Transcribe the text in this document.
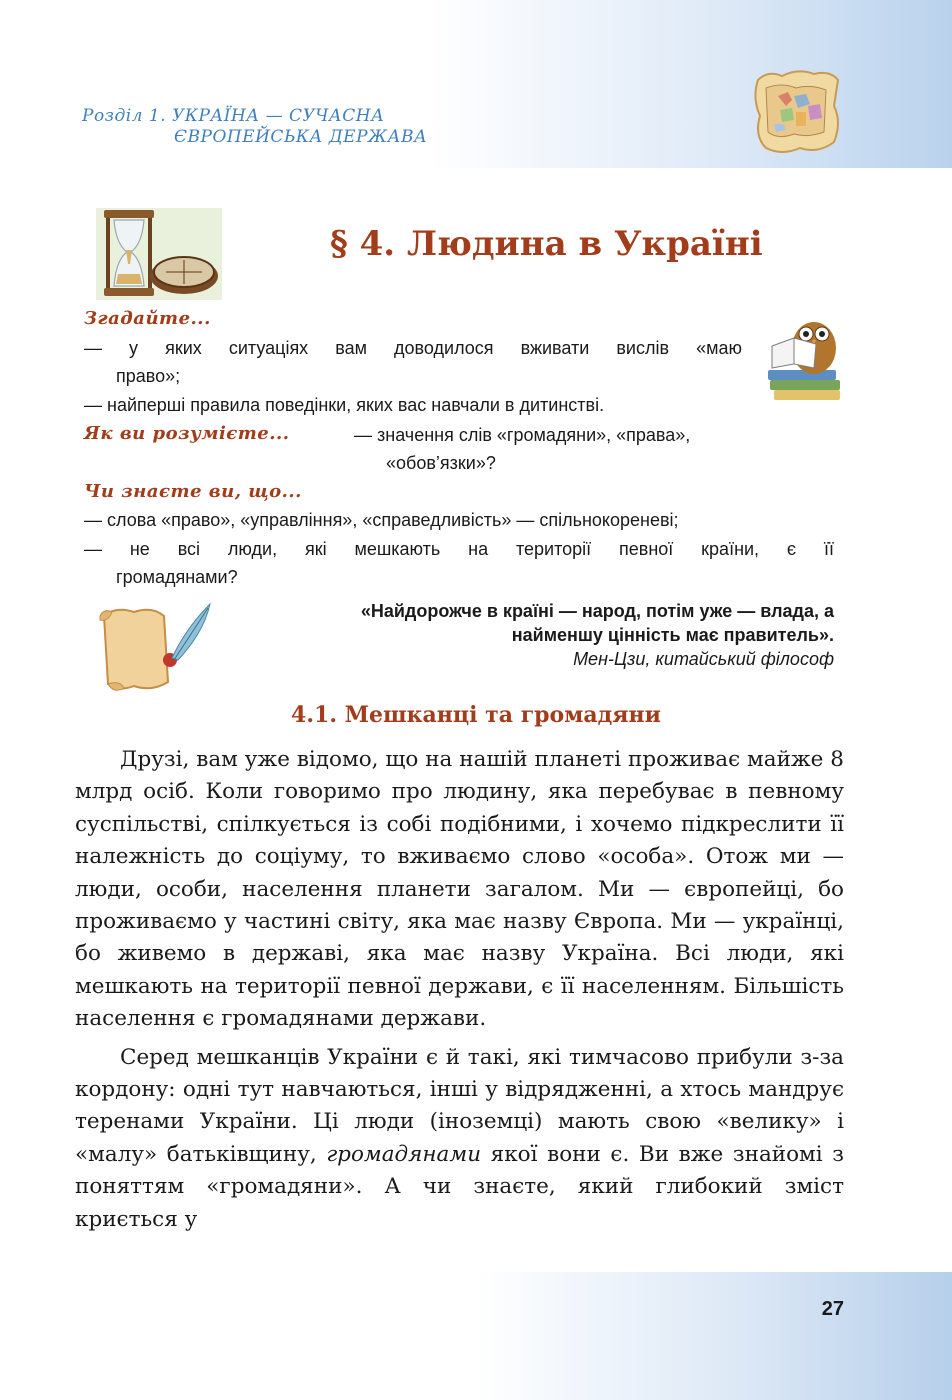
Розділ 1. УКРАЇНА — СУЧАСНА
ЄВРОПЕЙСЬКА ДЕРЖАВА
§ 4. Людина в Україні
Згадайте...
— у яких ситуаціях вам доводилося вживати вислів «маю
право»;
— найперші правила поведінки, яких вас навчали в дитинстві.
Як ви розумієте...	— значення слів «громадяни», «права»,
«обов’язки»?
Чи знаєте ви, що...
— слова «право», «управління», «справедливість» — спільнокореневі;
— не всі люди, які мешкають на території певної країни, є її
громадянами?
«Найдорожче в країні — народ, потім уже — влада, а
найменшу цінність має правитель».
Мен-Цзи, китайський філософ
4.1. Мешканці та громадяни

Друзі, вам уже відомо, що на нашій планеті проживає майже 8 млрд осіб. Коли говоримо про людину, яка перебуває в певному суспільстві, спілкується із собі подібними, і хочемо підкреслити її належність до соціуму, то вживаємо слово «особа». Отож ми — люди, особи, населення планети загалом. Ми — європейці, бо проживаємо у частині світу, яка має назву Європа. Ми — українці, бо живемо в державі, яка має назву Україна. Всі люди, які мешкають на території певної держави, є її населенням. Більшість населення є громадянами держави.

Серед мешканців України є й такі, які тимчасово прибули з-за кордону: одні тут навчаються, інші у відрядженні, а хтось мандрує теренами України. Ці люди (іноземці) мають свою «велику» і «малу» батьківщину, громадянами якої вони є. Ви вже знайомі з поняттям «громадяни». А чи знаєте, який глибокий зміст криється у

27
